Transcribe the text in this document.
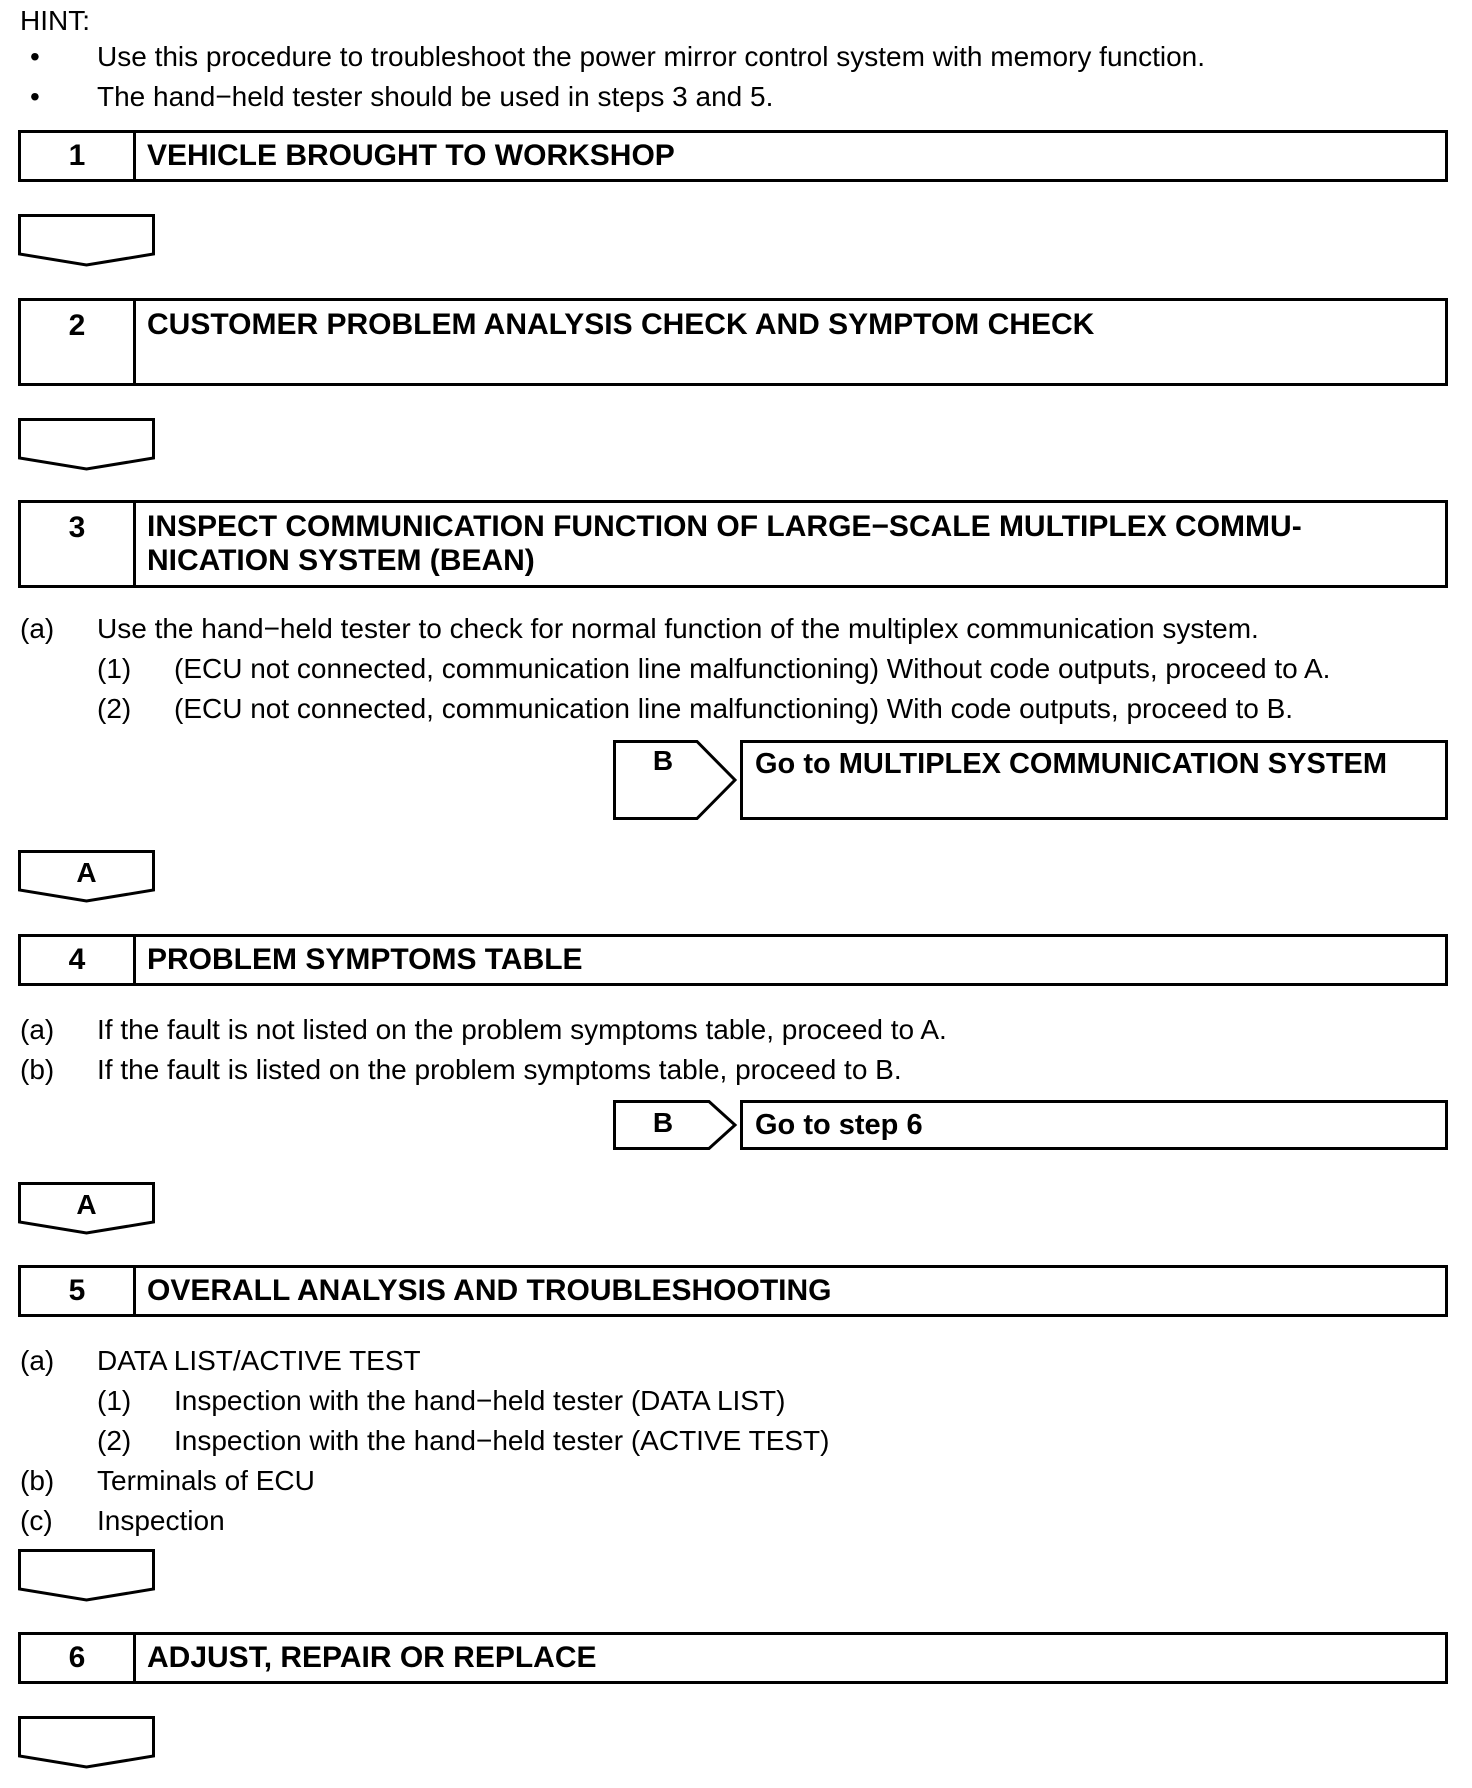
HINT:
• Use this procedure to troubleshoot the power mirror control system with memory function.
• The hand−held tester should be used in steps 3 and 5.
1	VEHICLE BROUGHT TO WORKSHOP
2	CUSTOMER PROBLEM ANALYSIS CHECK AND SYMPTOM CHECK
3	INSPECT COMMUNICATION FUNCTION OF LARGE−SCALE MULTIPLEX COMMU-
NICATION SYSTEM (BEAN)
(a) Use the hand−held tester to check for normal function of the multiplex communication system.
(1) (ECU not connected, communication line malfunctioning) Without code outputs, proceed to A.
(2) (ECU not connected, communication line malfunctioning) With code outputs, proceed to B.
B	Go to MULTIPLEX COMMUNICATION SYSTEM
A
4	PROBLEM SYMPTOMS TABLE
(a) If the fault is not listed on the problem symptoms table, proceed to A.
(b) If the fault is listed on the problem symptoms table, proceed to B.
B	Go to step 6
A
5	OVERALL ANALYSIS AND TROUBLESHOOTING
(a) DATA LIST/ACTIVE TEST
(1) Inspection with the hand−held tester (DATA LIST)
(2) Inspection with the hand−held tester (ACTIVE TEST)
(b) Terminals of ECU
(c) Inspection
6	ADJUST, REPAIR OR REPLACE
